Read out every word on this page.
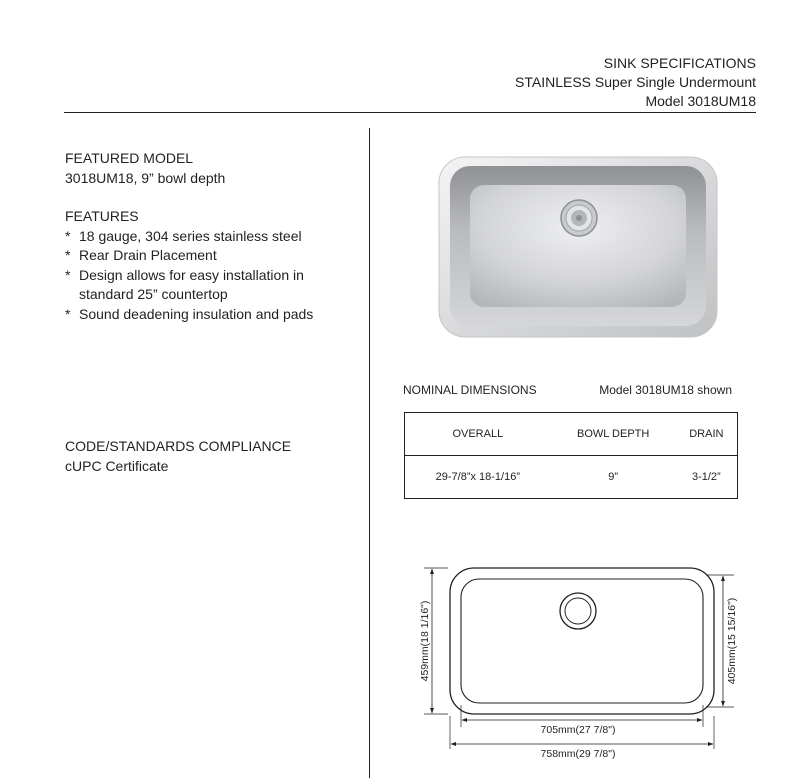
SINK SPECIFICATIONS
STAINLESS Super Single Undermount
Model 3018UM18
FEATURED MODEL
3018UM18, 9” bowl depth
FEATURES
* 18 gauge, 304 series stainless steel
* Rear Drain Placement
* Design allows for easy installation in
standard 25” countertop
* Sound deadening insulation and pads
CODE/STANDARDS COMPLIANCE
cUPC Certificate
NOMINAL DIMENSIONS	Model 3018UM18 shown
OVERALL	BOWL DEPTH	DRAIN
29-7/8”x 18-1/16”	9”	3-1/2”
459mm(18 1/16")	405mm(15 15/16")
705mm(27 7/8")
758mm(29 7/8")
